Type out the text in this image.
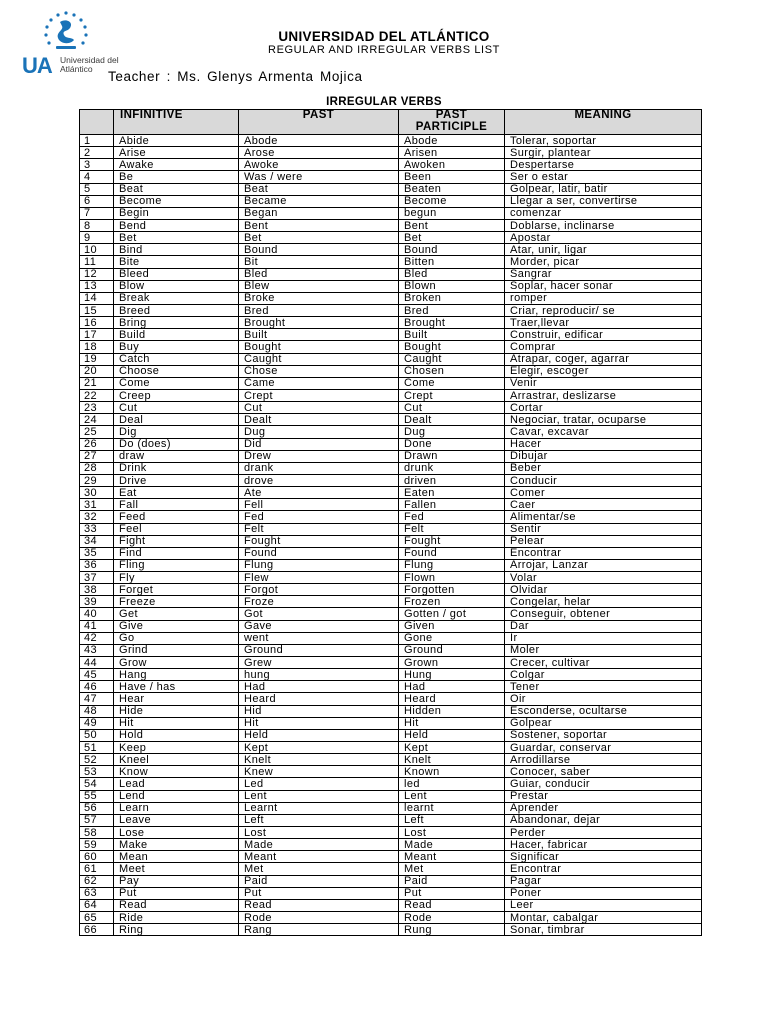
UA Universidad del Atlántico
UNIVERSIDAD DEL ATLÁNTICO
REGULAR AND IRREGULAR VERBS LIST
Teacher : Ms. Glenys Armenta Mojica
IRREGULAR VERBS
	INFINITIVE	PAST	PAST PARTICIPLE	MEANING
1	Abide	Abode	Abode	Tolerar, soportar
2	Arise	Arose	Arisen	Surgir, plantear
3	Awake	Awoke	Awoken	Despertarse
4	Be	Was / were	Been	Ser o estar
5	Beat	Beat	Beaten	Golpear, latir, batir
6	Become	Became	Become	Llegar a ser, convertirse
7	Begin	Began	begun	comenzar
8	Bend	Bent	Bent	Doblarse, inclinarse
9	Bet	Bet	Bet	Apostar
10	Bind	Bound	Bound	Atar, unir, ligar
11	Bite	Bit	Bitten	Morder, picar
12	Bleed	Bled	Bled	Sangrar
13	Blow	Blew	Blown	Soplar, hacer sonar
14	Break	Broke	Broken	romper
15	Breed	Bred	Bred	Criar, reproducir/ se
16	Bring	Brought	Brought	Traer,llevar
17	Build	Built	Built	Construir, edificar
18	Buy	Bought	Bought	Comprar
19	Catch	Caught	Caught	Atrapar, coger, agarrar
20	Choose	Chose	Chosen	Elegir, escoger
21	Come	Came	Come	Venir
22	Creep	Crept	Crept	Arrastrar, deslizarse
23	Cut	Cut	Cut	Cortar
24	Deal	Dealt	Dealt	Negociar, tratar, ocuparse
25	Dig	Dug	Dug	Cavar, excavar
26	Do (does)	Did	Done	Hacer
27	draw	Drew	Drawn	Dibujar
28	Drink	drank	drunk	Beber
29	Drive	drove	driven	Conducir
30	Eat	Ate	Eaten	Comer
31	Fall	Fell	Fallen	Caer
32	Feed	Fed	Fed	Alimentar/se
33	Feel	Felt	Felt	Sentir
34	Fight	Fought	Fought	Pelear
35	Find	Found	Found	Encontrar
36	Fling	Flung	Flung	Arrojar, Lanzar
37	Fly	Flew	Flown	Volar
38	Forget	Forgot	Forgotten	Olvidar
39	Freeze	Froze	Frozen	Congelar, helar
40	Get	Got	Gotten / got	Conseguir, obtener
41	Give	Gave	Given	Dar
42	Go	went	Gone	Ir
43	Grind	Ground	Ground	Moler
44	Grow	Grew	Grown	Crecer, cultivar
45	Hang	hung	Hung	Colgar
46	Have / has	Had	Had	Tener
47	Hear	Heard	Heard	Oir
48	Hide	Hid	Hidden	Esconderse, ocultarse
49	Hit	Hit	Hit	Golpear
50	Hold	Held	Held	Sostener, soportar
51	Keep	Kept	Kept	Guardar, conservar
52	Kneel	Knelt	Knelt	Arrodillarse
53	Know	Knew	Known	Conocer, saber
54	Lead	Led	led	Guiar, conducir
55	Lend	Lent	Lent	Prestar
56	Learn	Learnt	learnt	Aprender
57	Leave	Left	Left	Abandonar, dejar
58	Lose	Lost	Lost	Perder
59	Make	Made	Made	Hacer, fabricar
60	Mean	Meant	Meant	Significar
61	Meet	Met	Met	Encontrar
62	Pay	Paid	Paid	Pagar
63	Put	Put	Put	Poner
64	Read	Read	Read	Leer
65	Ride	Rode	Rode	Montar, cabalgar
66	Ring	Rang	Rung	Sonar, timbrar
